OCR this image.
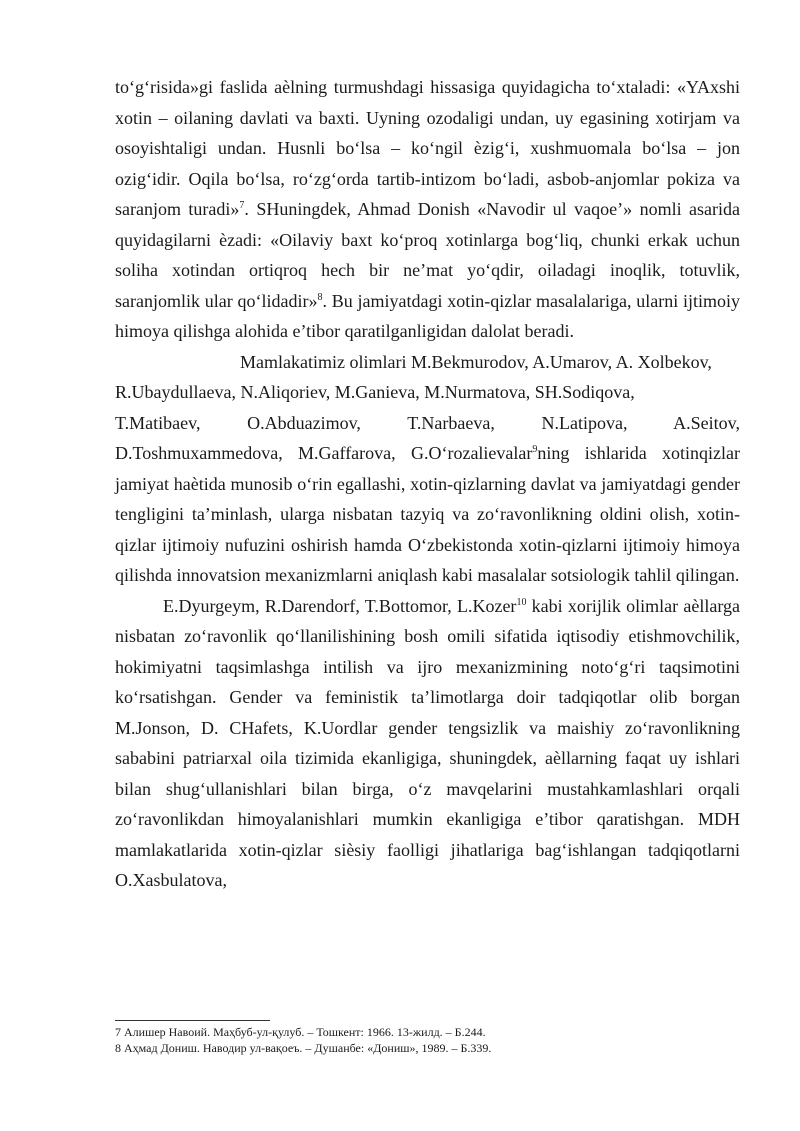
to‘g‘risida»gi faslida aèlning turmushdagi hissasiga quyidagicha to‘xtaladi: «YAxshi xotin – oilaning davlati va baxti. Uyning ozodaligi undan, uy egasining xotirjam va osoyishtaligi undan. Husnli bo‘lsa – ko‘ngil èzig‘i, xushmuomala bo‘lsa – jon ozig‘idir. Oqila bo‘lsa, ro‘zg‘orda tartib-intizom bo‘ladi, asbob-anjomlar pokiza va saranjom turadi»$^7$. SHuningdek, Ahmad Donish «Navodir ul vaqoe’» nomli asarida quyidagilarni èzadi: «Oilaviy baxt ko‘proq xotinlarga bog‘liq, chunki erkak uchun soliha xotindan ortiqroq hech bir ne’mat yo‘qdir, oiladagi inoqlik, totuvlik, saranjomlik ular qo‘lidadir»$^8$. Bu jamiyatdagi xotin-qizlar masalalariga, ularni ijtimoiy himoya qilishga alohida e’tibor qaratilganligidan dalolat beradi.

Mamlakatimiz olimlari M.Bekmurodov, A.Umarov, A. Xolbekov, R.Ubaydullaeva, N.Aliqoriev, M.Ganieva, M.Nurmatova, SH.Sodiqova,

T.Matibaev, O.Abduazimov, T.Narbaeva, N.Latipova, A.Seitov, D.Toshmuxammedova, M.Gaffarova, G.O‘rozalievalar$^9$ning ishlarida xotinqizlar jamiyat haètida munosib o‘rin egallashi, xotin-qizlarning davlat va jamiyatdagi gender tengligini ta’minlash, ularga nisbatan tazyiq va zo‘ravonlikning oldini olish, xotin-qizlar ijtimoiy nufuzini oshirish hamda O‘zbekistonda xotin-qizlarni ijtimoiy himoya qilishda innovatsion mexanizmlarni aniqlash kabi masalalar sotsiologik tahlil qilingan.

E.Dyurgeym, R.Darendorf, T.Bottomor, L.Kozer$^{10}$ kabi xorijlik olimlar aèllarga nisbatan zo‘ravonlik qo‘llanilishining bosh omili sifatida iqtisodiy etishmovchilik, hokimiyatni taqsimlashga intilish va ijro mexanizmining noto‘g‘ri taqsimotini ko‘rsatishgan. Gender va feministik ta’limotlarga doir tadqiqotlar olib borgan M.Jonson, D. CHafets, K.Uordlar gender tengsizlik va maishiy zo‘ravonlikning sababini patriarxal oila tizimida ekanligiga, shuningdek, aèllarning faqat uy ishlari bilan shug‘ullanishlari bilan birga, o‘z mavqelarini mustahkamlashlari orqali zo‘ravonlikdan himoyalanishlari mumkin ekanligiga e’tibor qaratishgan. MDH mamlakatlarida xotin-qizlar sièsiy faolligi jihatlariga bag‘ishlangan tadqiqotlarni O.Xasbulatova,

7 Алишер Навоий. Маҳбуб-ул-қулуб. – Тошкент: 1966. 13-жилд. – Б.244.
8 Аҳмад Дониш. Наводир ул-вақоеъ. – Душанбе: «Дониш», 1989. – Б.339.
